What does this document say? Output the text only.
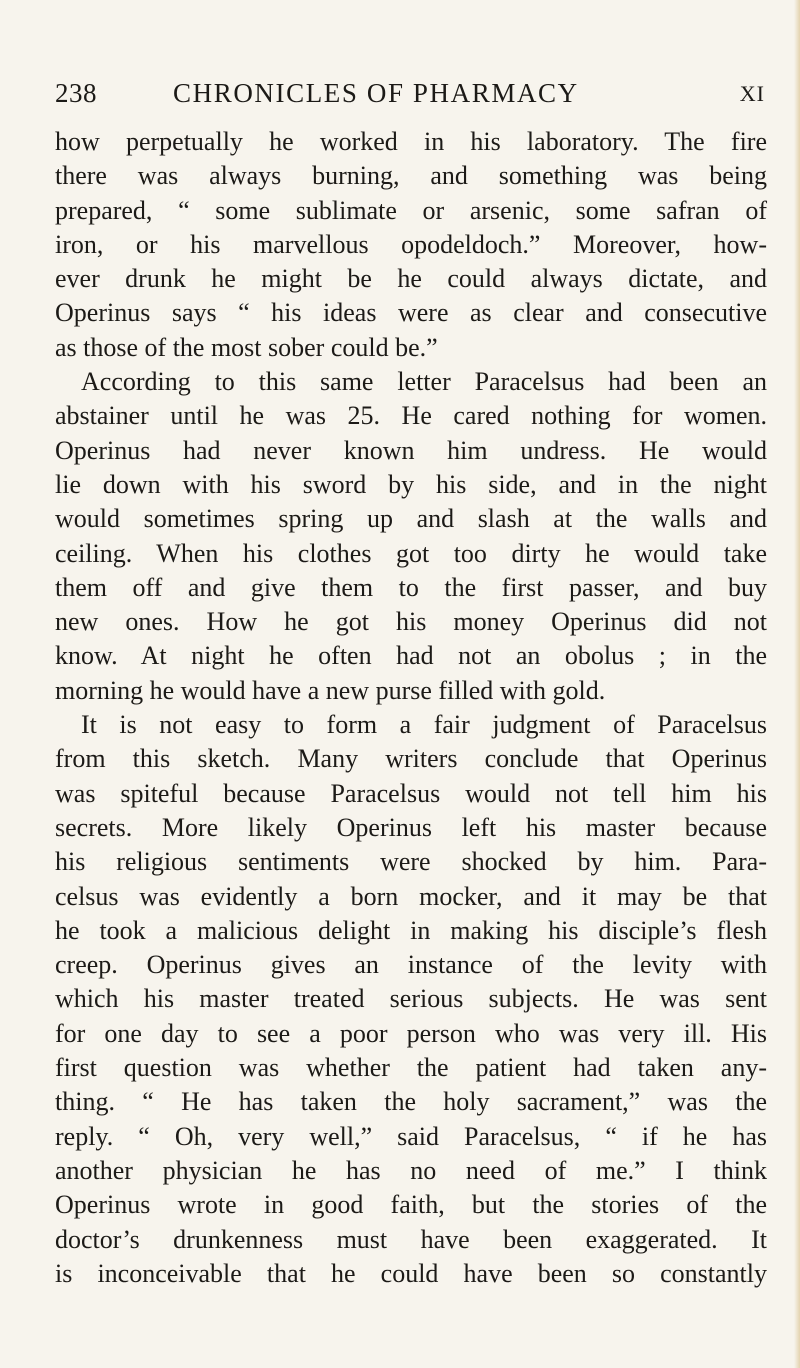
238	CHRONICLES OF PHARMACY	XI
how perpetually he worked in his laboratory. The fire
there was always burning, and something was being
prepared, “ some sublimate or arsenic, some safran of
iron, or his marvellous opodeldoch.” Moreover, how-
ever drunk he might be he could always dictate, and
Operinus says “ his ideas were as clear and consecutive
as those of the most sober could be.”
According to this same letter Paracelsus had been an
abstainer until he was 25. He cared nothing for women.
Operinus had never known him undress. He would
lie down with his sword by his side, and in the night
would sometimes spring up and slash at the walls and
ceiling. When his clothes got too dirty he would take
them off and give them to the first passer, and buy
new ones. How he got his money Operinus did not
know. At night he often had not an obolus ; in the
morning he would have a new purse filled with gold.
It is not easy to form a fair judgment of Paracelsus
from this sketch. Many writers conclude that Operinus
was spiteful because Paracelsus would not tell him his
secrets. More likely Operinus left his master because
his religious sentiments were shocked by him. Para-
celsus was evidently a born mocker, and it may be that
he took a malicious delight in making his disciple’s flesh
creep. Operinus gives an instance of the levity with
which his master treated serious subjects. He was sent
for one day to see a poor person who was very ill. His
first question was whether the patient had taken any-
thing. “ He has taken the holy sacrament,” was the
reply. “ Oh, very well,” said Paracelsus, “ if he has
another physician he has no need of me.” I think
Operinus wrote in good faith, but the stories of the
doctor’s drunkenness must have been exaggerated. It
is inconceivable that he could have been so constantly
